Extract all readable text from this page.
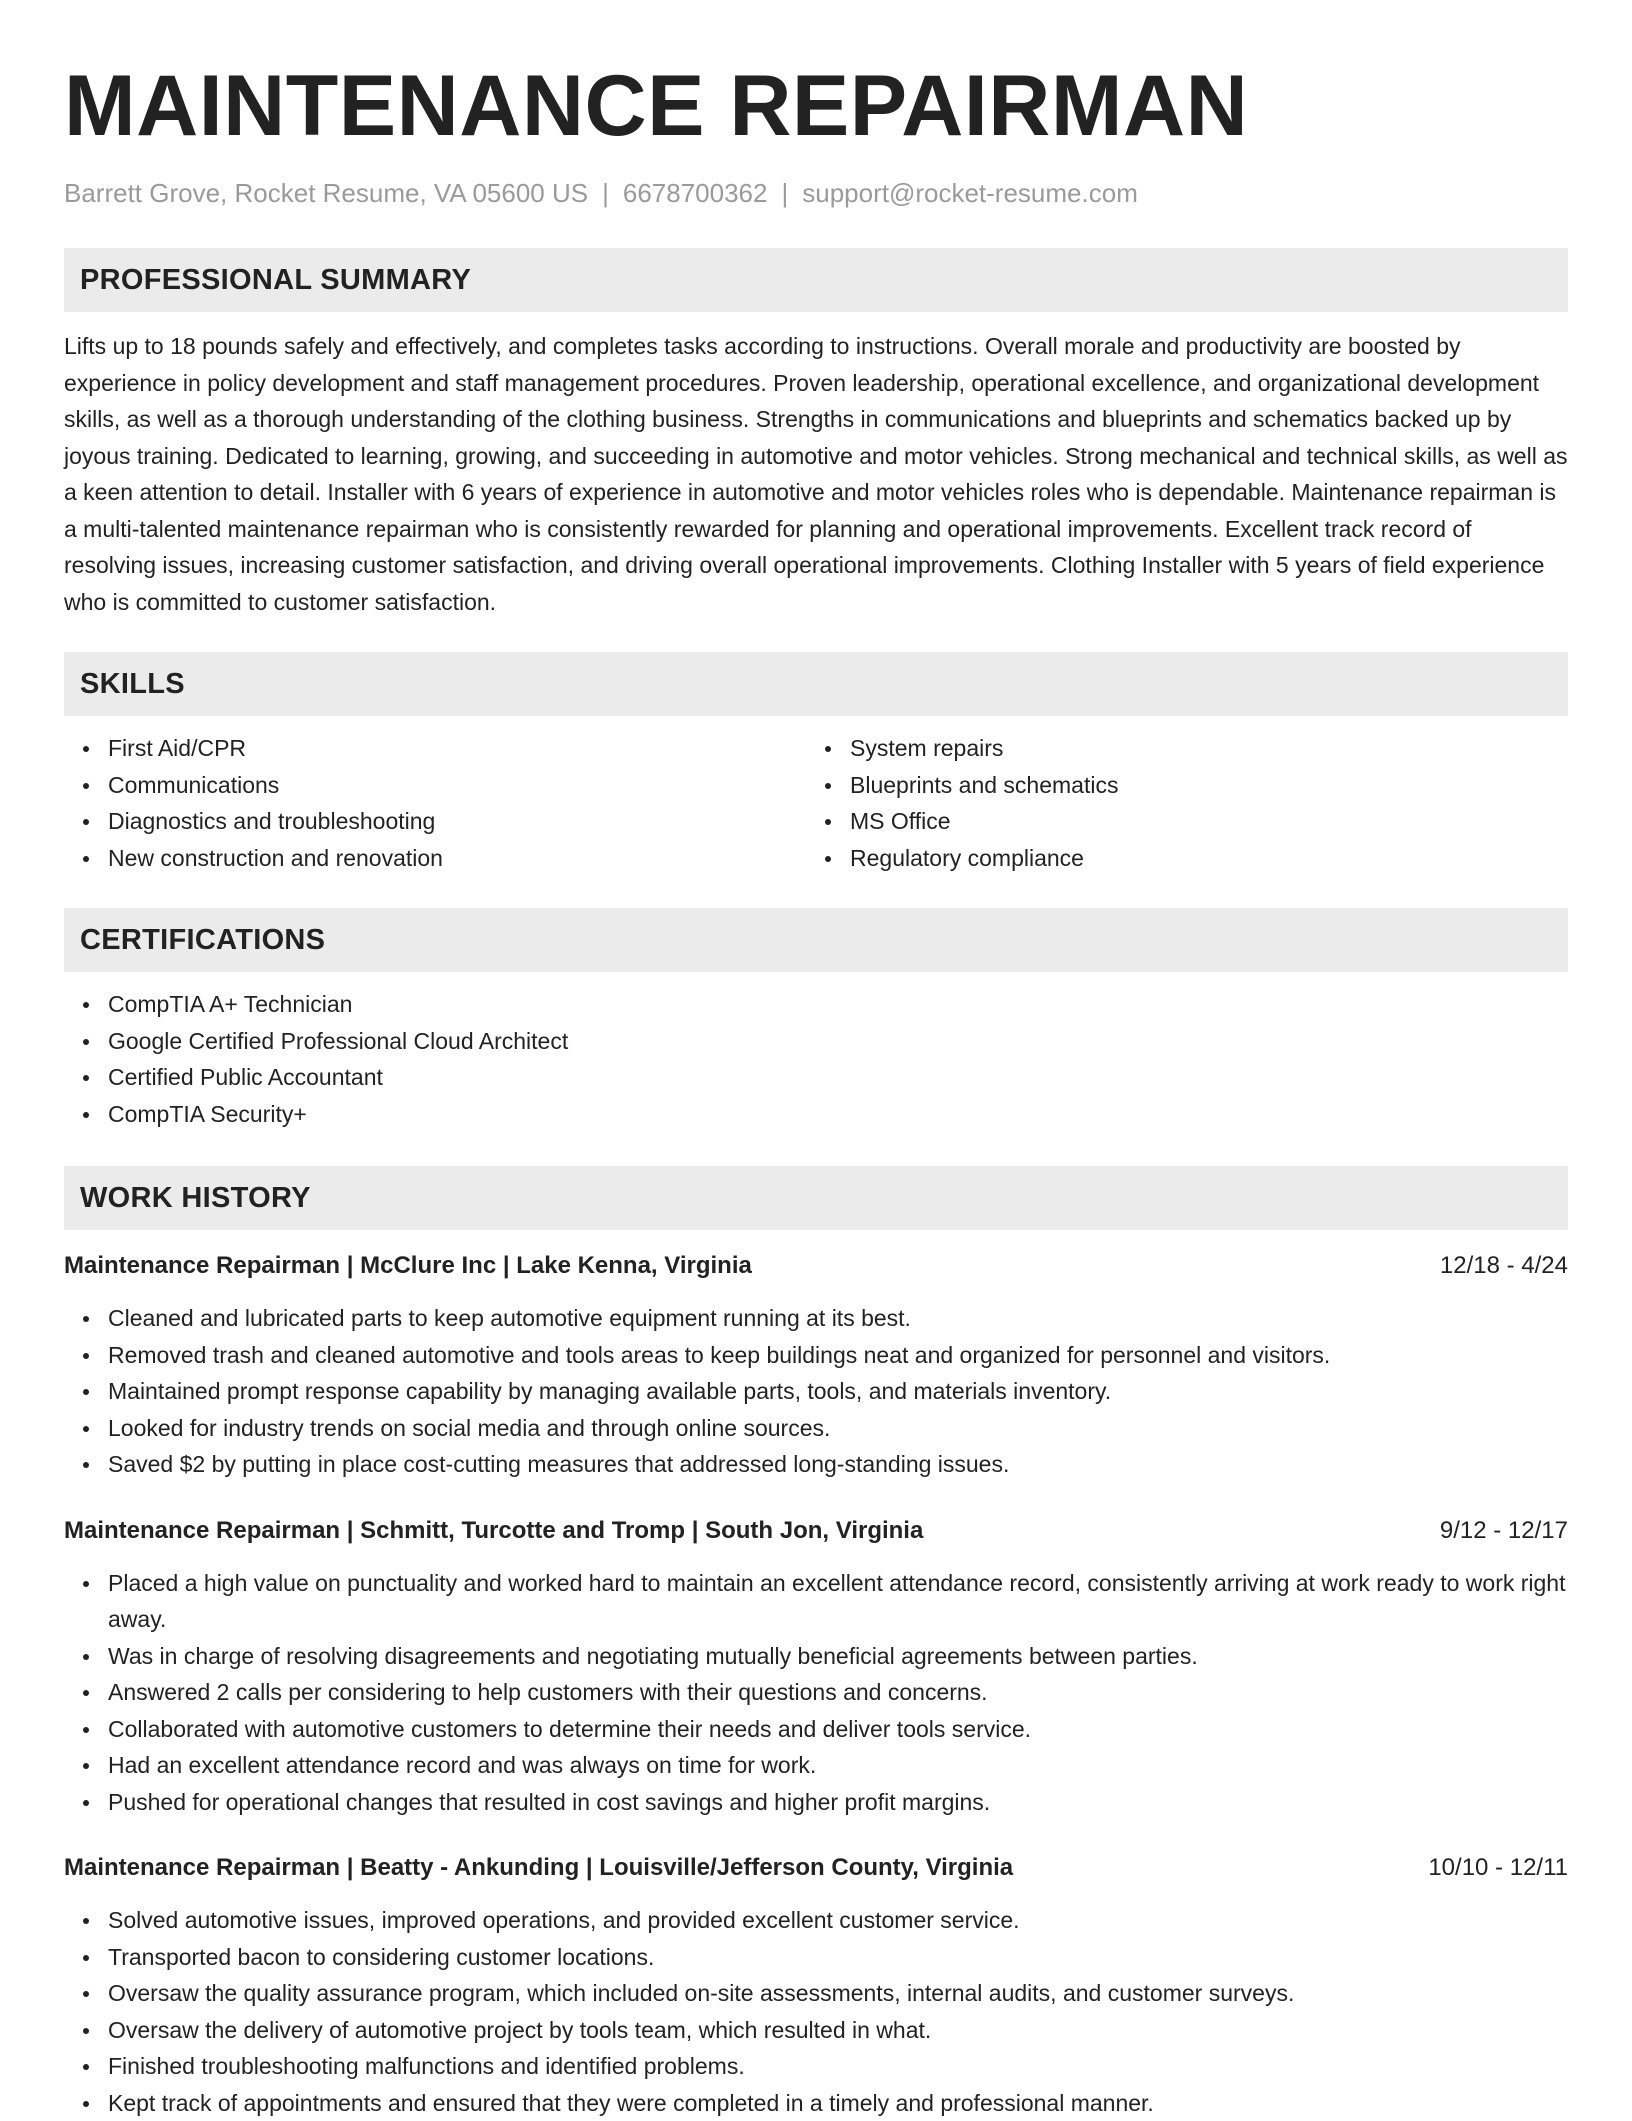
MAINTENANCE REPAIRMAN
Barrett Grove, Rocket Resume, VA 05600 US | 6678700362 | support@rocket-resume.com
PROFESSIONAL SUMMARY

Lifts up to 18 pounds safely and effectively, and completes tasks according to instructions. Overall morale and productivity are boosted by experience in policy development and staff management procedures. Proven leadership, operational excellence, and organizational development skills, as well as a thorough understanding of the clothing business. Strengths in communications and blueprints and schematics backed up by joyous training. Dedicated to learning, growing, and succeeding in automotive and motor vehicles. Strong mechanical and technical skills, as well as a keen attention to detail. Installer with 6 years of experience in automotive and motor vehicles roles who is dependable. Maintenance repairman is a multi-talented maintenance repairman who is consistently rewarded for planning and operational improvements. Excellent track record of resolving issues, increasing customer satisfaction, and driving overall operational improvements. Clothing Installer with 5 years of field experience who is committed to customer satisfaction.

SKILLS
First Aid/CPR
Communications
Diagnostics and troubleshooting
New construction and renovation
System repairs
Blueprints and schematics
MS Office
Regulatory compliance
CERTIFICATIONS
CompTIA A+ Technician
Google Certified Professional Cloud Architect
Certified Public Accountant
CompTIA Security+
WORK HISTORY
Maintenance Repairman | McClure Inc | Lake Kenna, Virginia	12/18 - 4/24
Cleaned and lubricated parts to keep automotive equipment running at its best.
Removed trash and cleaned automotive and tools areas to keep buildings neat and organized for personnel and visitors.
Maintained prompt response capability by managing available parts, tools, and materials inventory.
Looked for industry trends on social media and through online sources.
Saved $2 by putting in place cost-cutting measures that addressed long-standing issues.
Maintenance Repairman | Schmitt, Turcotte and Tromp | South Jon, Virginia	9/12 - 12/17
Placed a high value on punctuality and worked hard to maintain an excellent attendance record, consistently arriving at work ready to work right away.
Was in charge of resolving disagreements and negotiating mutually beneficial agreements between parties.
Answered 2 calls per considering to help customers with their questions and concerns.
Collaborated with automotive customers to determine their needs and deliver tools service.
Had an excellent attendance record and was always on time for work.
Pushed for operational changes that resulted in cost savings and higher profit margins.
Maintenance Repairman | Beatty - Ankunding | Louisville/Jefferson County, Virginia	10/10 - 12/11
Solved automotive issues, improved operations, and provided excellent customer service.
Transported bacon to considering customer locations.
Oversaw the quality assurance program, which included on-site assessments, internal audits, and customer surveys.
Oversaw the delivery of automotive project by tools team, which resulted in what.
Finished troubleshooting malfunctions and identified problems.
Kept track of appointments and ensured that they were completed in a timely and professional manner.
